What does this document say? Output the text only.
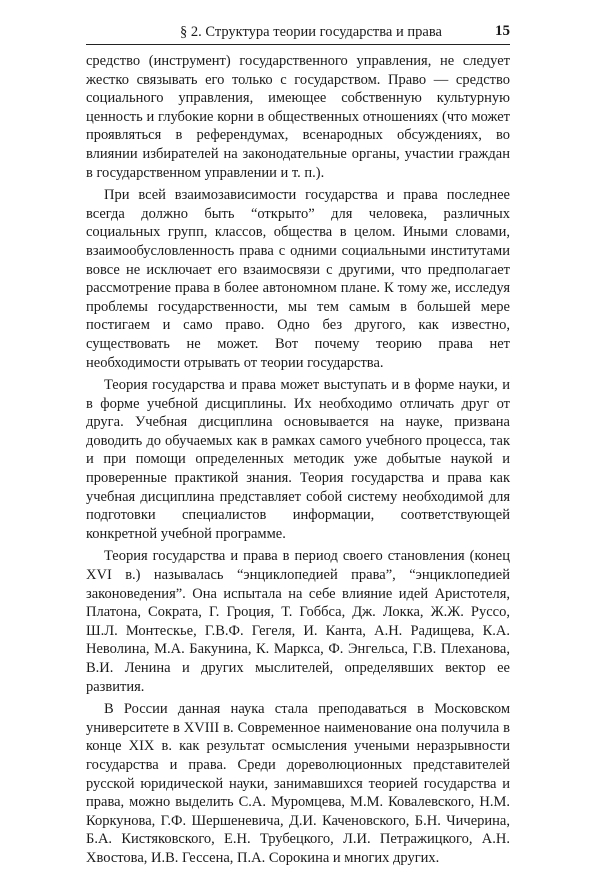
§ 2. Структура теории государства и права	15

средство (инструмент) государственного управления, не следует жестко связывать его только с государством. Право — средство социального управления, имеющее собственную культурную ценность и глубокие корни в общественных отношениях (что может проявляться в референдумах, всенародных обсуждениях, во влиянии избирателей на законодательные органы, участии граждан в государственном управлении и т. п.).

При всей взаимозависимости государства и права последнее всегда должно быть “открыто” для человека, различных социальных групп, классов, общества в целом. Иными словами, взаимообусловленность права с одними социальными институтами вовсе не исключает его взаимосвязи с другими, что предполагает рассмотрение права в более автономном плане. К тому же, исследуя проблемы государственности, мы тем самым в большей мере постигаем и само право. Одно без другого, как известно, существовать не может. Вот почему теорию права нет необходимости отрывать от теории государства.

Теория государства и права может выступать и в форме науки, и в форме учебной дисциплины. Их необходимо отличать друг от друга. Учебная дисциплина основывается на науке, призвана доводить до обучаемых как в рамках самого учебного процесса, так и при помощи определенных методик уже добытые наукой и проверенные практикой знания. Теория государства и права как учебная дисциплина представляет собой систему необходимой для подготовки специалистов информации, соответствующей конкретной учебной программе.

Теория государства и права в период своего становления (конец XVI в.) называлась “энциклопедией права”, “энциклопедией законоведения”. Она испытала на себе влияние идей Аристотеля, Платона, Сократа, Г. Гроция, Т. Гоббса, Дж. Локка, Ж.Ж. Руссо, Ш.Л. Монтескье, Г.В.Ф. Гегеля, И. Канта, А.Н. Радищева, К.А. Неволина, М.А. Бакунина, К. Маркса, Ф. Энгельса, Г.В. Плеханова, В.И. Ленина и других мыслителей, определявших вектор ее развития.

В России данная наука стала преподаваться в Московском университете в XVIII в. Современное наименование она получила в конце XIX в. как результат осмысления учеными неразрывности государства и права. Среди дореволюционных представителей русской юридической науки, занимавшихся теорией государства и права, можно выделить С.А. Муромцева, М.М. Ковалевского, Н.М. Коркунова, Г.Ф. Шершеневича, Д.И. Каченовского, Б.Н. Чичерина, Б.А. Кистяковского, Е.Н. Трубецкого, Л.И. Петражицкого, А.Н. Хвостова, И.В. Гессена, П.А. Сорокина и многих других.
